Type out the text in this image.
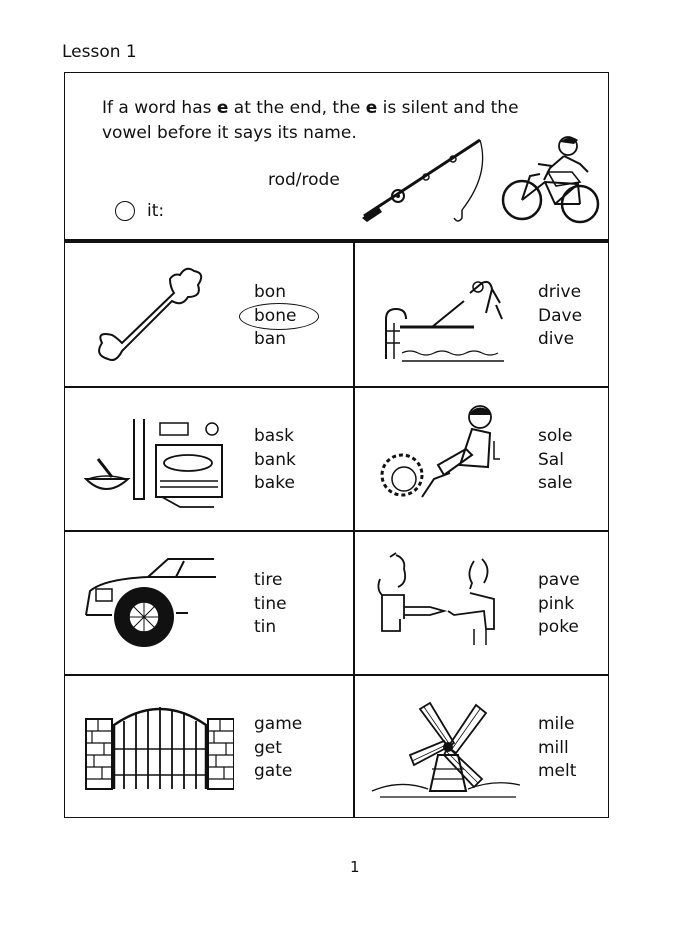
Lesson 1
If a word has e at the end, the e is silent and the
vowel before it says its name.
rod/rode
it:
bon
bone
ban
drive
Dave
dive
bask
bank
bake
sole
Sal
sale
tire
tine
tin
pave
pink
poke
game
get
gate
mile
mill
melt
1
